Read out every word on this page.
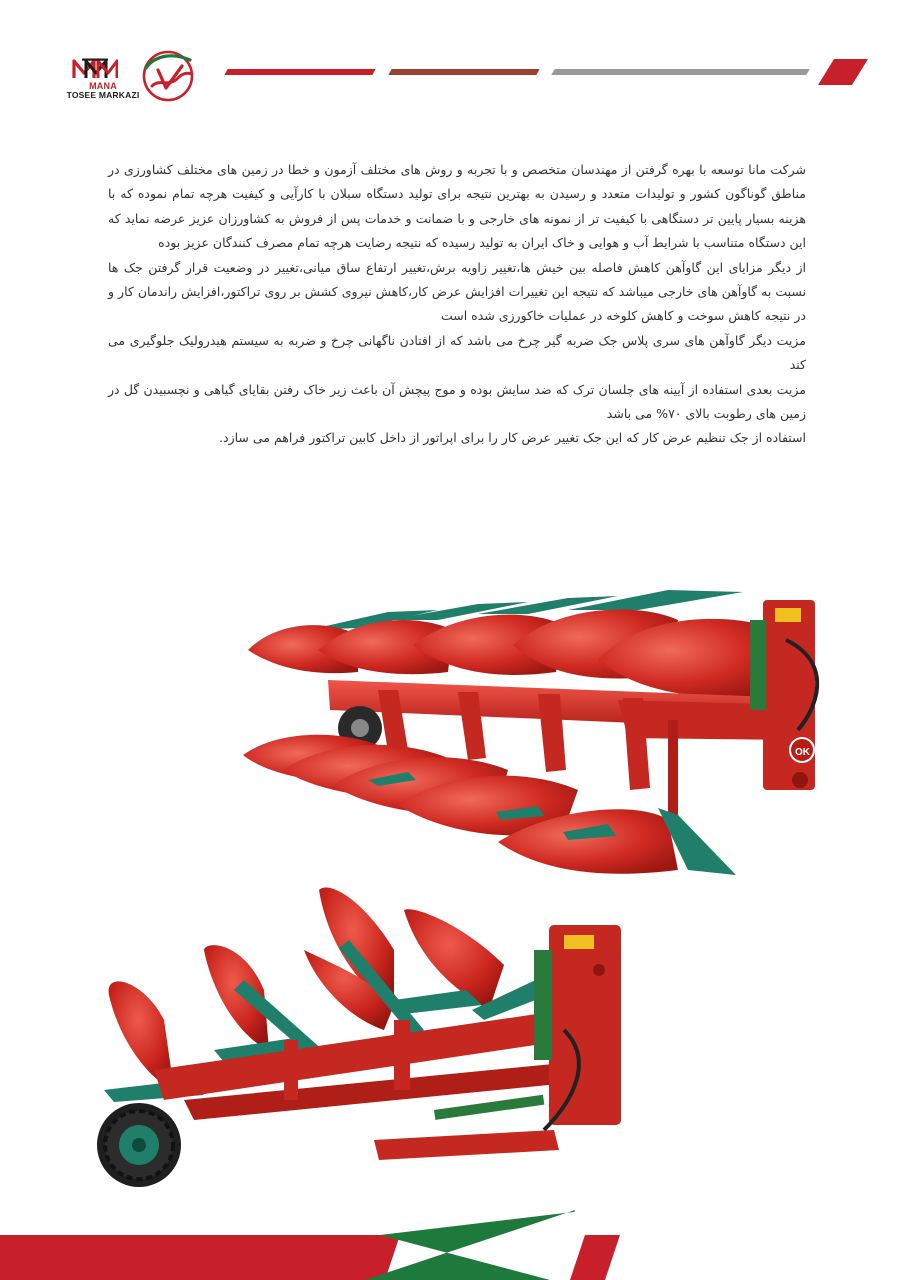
MANA
TOSEE MARKAZI

شرکت مانا توسعه با بهره گرفتن از مهندسان متخصص و با تجربه و روش های مختلف آزمون و خطا در زمین های مختلف کشاورزی در مناطق گوناگون کشور و تولیدات متعدد و رسیدن به بهترین نتیجه برای تولید دستگاه سبلان با کارآیی و کیفیت هرچه تمام نموده که با هزینه بسیار پایین تر دستگاهی با کیفیت تر از نمونه های خارجی و با ضمانت و خدمات پس از فروش به کشاورزان عزیز عرضه نماید که این دستگاه متناسب با شرایط آب و هوایی و خاک ایران به تولید رسیده که نتیجه رضایت هرچه تمام مصرف کنندگان عزیز بوده

از دیگر مزایای این گاوآهن کاهش فاصله بین خیش ها،تغییر زاویه برش،تغییر ارتفاع ساق میانی،تغییر در وضعیت قرار گرفتن جک ها نسبت به گاوآهن های خارجی میباشد که نتیجه این تغییرات افزایش عرض کار،کاهش نیروی کشش بر روی تراکتور،افزایش راندمان کار و در نتیجه کاهش سوخت و کاهش کلوخه در عملیات خاکورزی شده است

مزیت دیگر گاوآهن های سری پلاس جک ضربه گیر چرخ می باشد که از افتادن ناگهانی چرخ و ضربه به سیستم هیدرولیک جلوگیری می کند

مزیت بعدی استفاده از آیینه های چلسان ترک که ضد سایش بوده و موج پیچش آن باعث زیر خاک رفتن بقایای گیاهی و نچسبیدن گل در زمین های رطوبت بالای ۷۰% می باشد

استفاده از جک تنظیم عرض کار که این جک تغییر عرض کار را برای اپراتور از داخل کابین تراکتور فراهم می سازد.

OK
